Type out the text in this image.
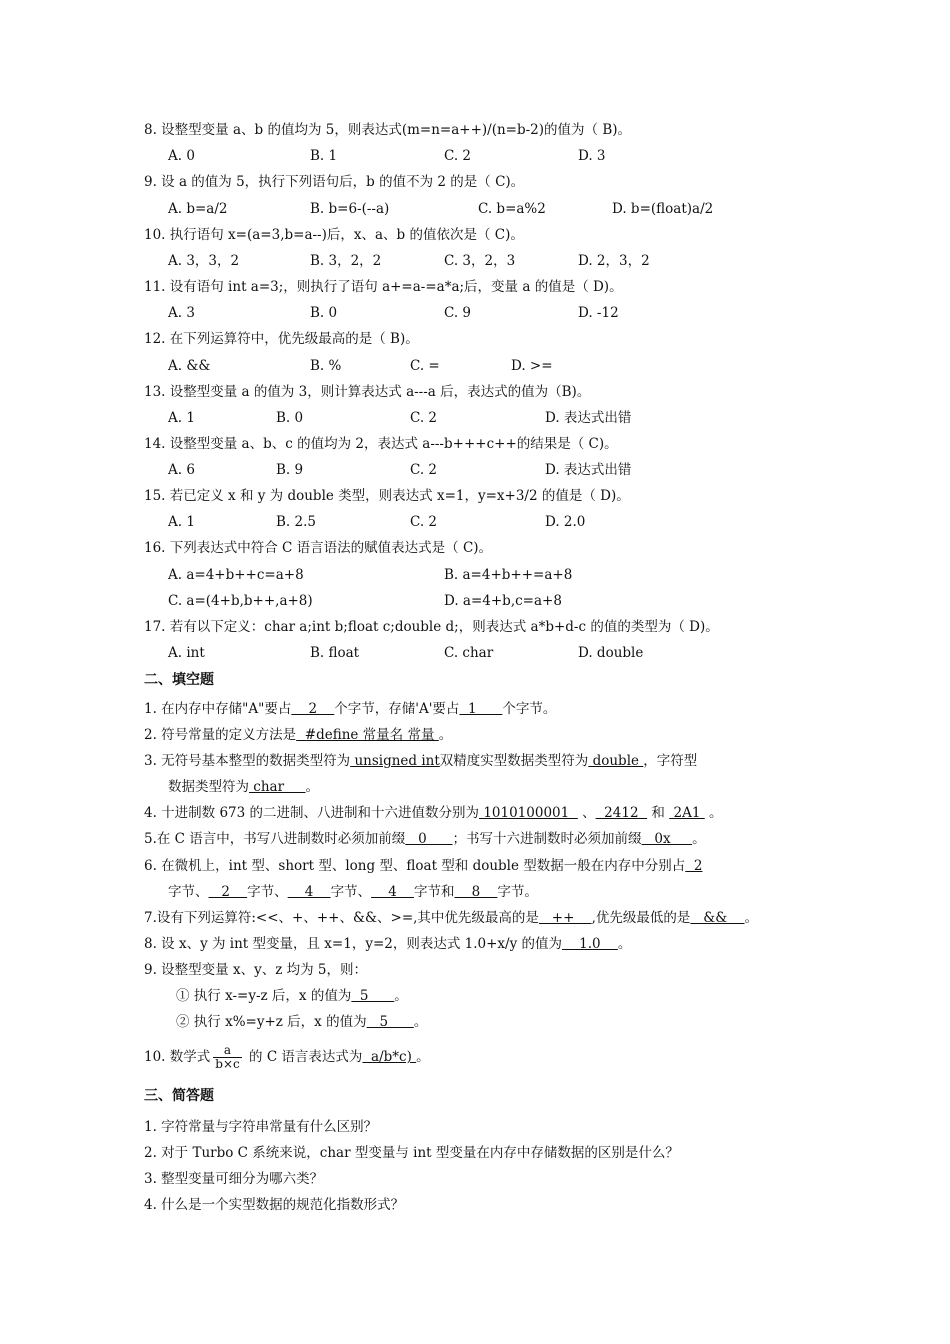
8. 设整型变量 a、b 的值均为 5，则表达式(m=n=a++)/(n=b-2)的值为（ B)。
A. 0	B. 1	C. 2	D. 3
9. 设 a 的值为 5，执行下列语句后，b 的值不为 2 的是（ C)。
A. b=a/2	B. b=6-(--a)	C. b=a%2	D. b=(float)a/2
10. 执行语句 x=(a=3,b=a--)后，x、a、b 的值依次是（ C)。
A. 3，3，2	B. 3，2，2	C. 3，2，3	D. 2，3，2
11. 设有语句 int a=3;，则执行了语句 a+=a-=a*a;后，变量 a 的值是（ D)。
A. 3	B. 0	C. 9	D. -12
12. 在下列运算符中，优先级最高的是（ B)。
A. &&	B. %	C. =	D. >=
13. 设整型变量 a 的值为 3，则计算表达式 a---a 后，表达式的值为（B)。
A. 1	B. 0	C. 2	D. 表达式出错
14. 设整型变量 a、b、c 的值均为 2，表达式 a---b+++c++的结果是（ C)。
A. 6	B. 9	C. 2	D. 表达式出错
15. 若已定义 x 和 y 为 double 类型，则表达式 x=1，y=x+3/2 的值是（ D)。
A. 1	B. 2.5	C. 2	D. 2.0
16. 下列表达式中符合 C 语言语法的赋值表达式是（ C)。
A. a=4+b++c=a+8	B. a=4+b++=a+8
C. a=(4+b,b++,a+8)	D. a=4+b,c=a+8
17. 若有以下定义：char a;int b;float c;double d;，则表达式 a*b+d-c 的值的类型为（ D)。
A. int	B. float	C. char	D. double
二、填空题
1. 在内存中存储"A"要占    2    个字节，存储'A'要占  1      个字节。
2. 符号常量的定义方法是  #define 常量名 常量 。
3. 无符号基本整型的数据类型符为 unsigned int双精度实型数据类型符为 double ，字符型
数据类型符为 char     。
4. 十进制数 673 的二进制、八进制和十六进值数分别为 1010100001   、  2412   和  2A1  。
5.在 C 语言中，书写八进制数时必须加前缀   0      ；书写十六进制数时必须加前缀   0x     。
6. 在微机上，int 型、short 型、long 型、float 型和 double 型数据一般在内存中分别占  2
字节、   2    字节、    4    字节、    4    字节和    8    字节。
7.设有下列运算符:<<、+、++、&&、>=,其中优先级最高的是   ++    ,优先级最低的是   &&    。
8. 设 x、y 为 int 型变量，且 x=1，y=2，则表达式 1.0+x/y 的值为    1.0    。
9. 设整型变量 x、y、z 均为 5，则：
① 执行 x-=y-z 后，x 的值为  5      。
② 执行 x%=y+z 后，x 的值为   5      。
10. 数学式 $\frac{a}{b\times c}$ 的 C 语言表达式为  a/b*c) 。
三、简答题
1. 字符常量与字符串常量有什么区别？
2. 对于 Turbo C 系统来说，char 型变量与 int 型变量在内存中存储数据的区别是什么？
3. 整型变量可细分为哪六类？
4. 什么是一个实型数据的规范化指数形式？
